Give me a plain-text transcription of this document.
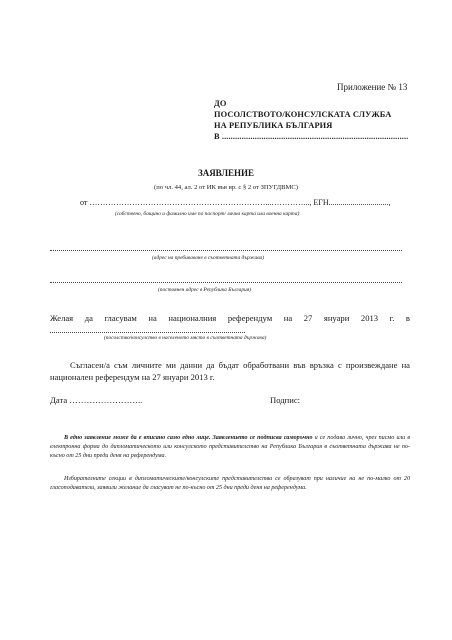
Приложение № 13
ДО
ПОСОЛСТВОТО/КОНСУЛСКАТА СЛУЖБА
НА РЕПУБЛИКА БЪЛГАРИЯ
В .....................................................................................
ЗАЯВЛЕНИЕ
(по чл. 44, ал. 2 от ИК във вр. с § 2 от ЗПУГДВМС)
от …………………………………………………………...…………..., ЕГН..............................,
(собствено, бащино и фамилно име по паспорт/ лична карта или военна карта)
(адрес на пребиваване в съответната държава)
(постоянен адрес в Република България)
Желая да гласувам на националния референдум на 27 януари 2013 г. в
(посолство/консулство в населеното място в съответната държава)
Съгласен/а съм личните ми данни да бъдат обработвани във връзка с произвеждане на
национален референдум на 27 януари 2013 г.
Дата ……………………..	Подпис:
В едно заявление може да е вписано само едно лице. Заявлението се подписва саморъчно и се подава лично, чрез писмо или в електронна форма до дипломатическото или консулското представителство на Република България в съответната държава не по-късно от 25 дни преди деня на референдума.
Избирателните секции в дипломатическите/консулските представителства се образуват при наличие на не по-малко от 20 гласоподаватели, заявили желание да гласуват не по-късно от 25 дни преди деня на референдума.
